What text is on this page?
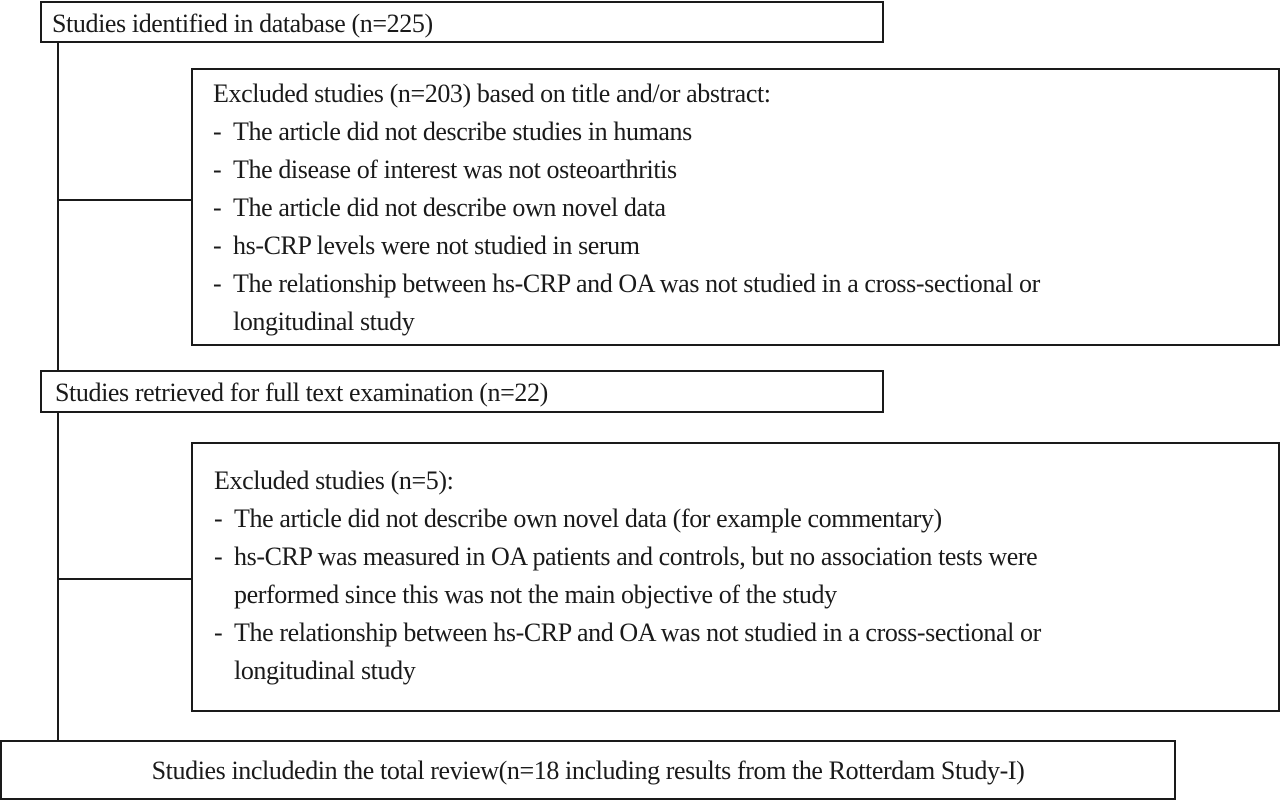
Studies identified in database (n=225)
Excluded studies (n=203) based on title and/or abstract:
- The article did not describe studies in humans
- The disease of interest was not osteoarthritis
- The article did not describe own novel data
- hs-CRP levels were not studied in serum
- The relationship between hs-CRP and OA was not studied in a cross-sectional or longitudinal study
Studies retrieved for full text examination (n=22)
Excluded studies (n=5):
- The article did not describe own novel data (for example commentary)
- hs-CRP was measured in OA patients and controls, but no association tests were performed since this was not the main objective of the study
- The relationship between hs-CRP and OA was not studied in a cross-sectional or longitudinal study
Studies includedin the total review(n=18 including results from the Rotterdam Study-I)
